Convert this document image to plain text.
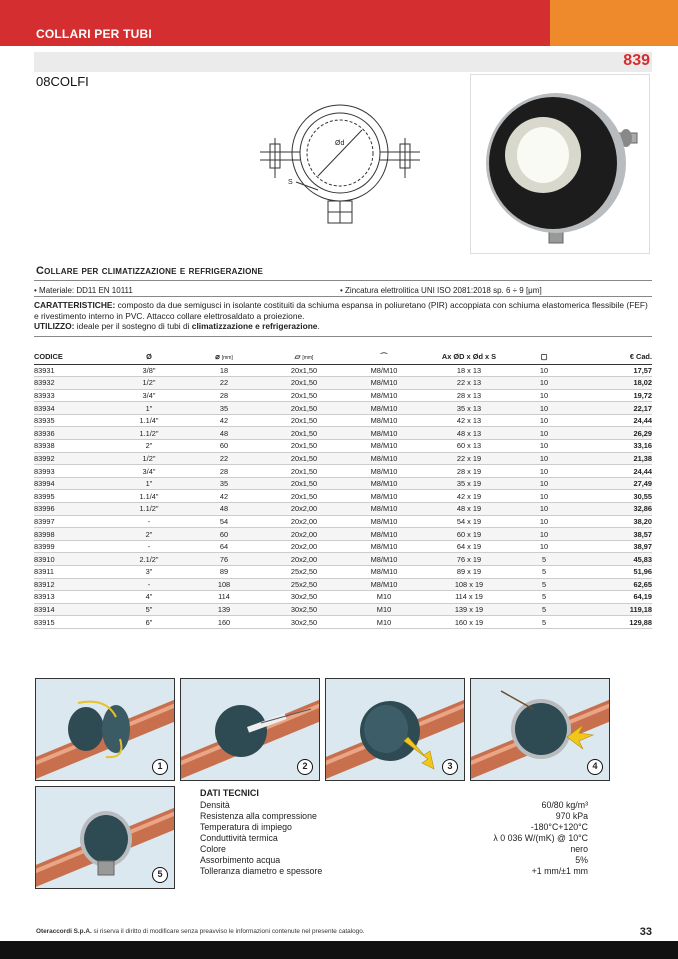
COLLARI PER TUBI
839
08COLFI
Ød
S
Collare per climatizzazione e refrigerazione
• Materiale: DD11 EN 10111	• Zincatura elettrolitica UNI ISO 2081:2018 sp. 6 ÷ 9 [μm]
CARATTERISTICHE: composto da due semigusci in isolante costituiti da schiuma espansa in poliuretano (PIR) accoppiata con schiuma elastomerica flessibile (FEF) e rivestimento interno in PVC. Attacco collare elettrosaldato a proiezione.
UTILIZZO: ideale per il sostegno di tubi di climatizzazione e refrigerazione.
CODICE	Ø	⌀ [mm]	▱ [mm]	⌒	Ax ØD x Ød x S	▢	€ Cad.
83931	3/8"	18	20x1,50	M8/M10	18 x 13	10	17,57
83932	1/2"	22	20x1,50	M8/M10	22 x 13	10	18,02
83933	3/4"	28	20x1,50	M8/M10	28 x 13	10	19,72
83934	1"	35	20x1,50	M8/M10	35 x 13	10	22,17
83935	1.1/4"	42	20x1,50	M8/M10	42 x 13	10	24,44
83936	1.1/2"	48	20x1,50	M8/M10	48 x 13	10	26,29
83938	2"	60	20x1,50	M8/M10	60 x 13	10	33,16
83992	1/2"	22	20x1,50	M8/M10	22 x 19	10	21,38
83993	3/4"	28	20x1,50	M8/M10	28 x 19	10	24,44
83994	1"	35	20x1,50	M8/M10	35 x 19	10	27,49
83995	1.1/4"	42	20x1,50	M8/M10	42 x 19	10	30,55
83996	1.1/2"	48	20x2,00	M8/M10	48 x 19	10	32,86
83997	-	54	20x2,00	M8/M10	54 x 19	10	38,20
83998	2"	60	20x2,00	M8/M10	60 x 19	10	38,57
83999	-	64	20x2,00	M8/M10	64 x 19	10	38,97
83910	2.1/2"	76	20x2,00	M8/M10	76 x 19	5	45,83
83911	3"	89	25x2,50	M8/M10	89 x 19	5	51,96
83912	-	108	25x2,50	M8/M10	108 x 19	5	62,65
83913	4"	114	30x2,50	M10	114 x 19	5	64,19
83914	5"	139	30x2,50	M10	139 x 19	5	119,18
83915	6"	160	30x2,50	M10	160 x 19	5	129,88
1	2	3	4
5
DATI TECNICI
Densità	60/80 kg/m³
Resistenza alla compressione	970 kPa
Temperatura di impiego	-180°C+120°C
Conduttività termica	λ 0 036 W/(mK) @ 10°C
Colore	nero
Assorbimento acqua	5%
Tolleranza diametro e spessore	+1 mm/±1 mm
Oteraccordi S.p.A. si riserva il diritto di modificare senza preavviso le informazioni contenute nel presente catalogo.	33
